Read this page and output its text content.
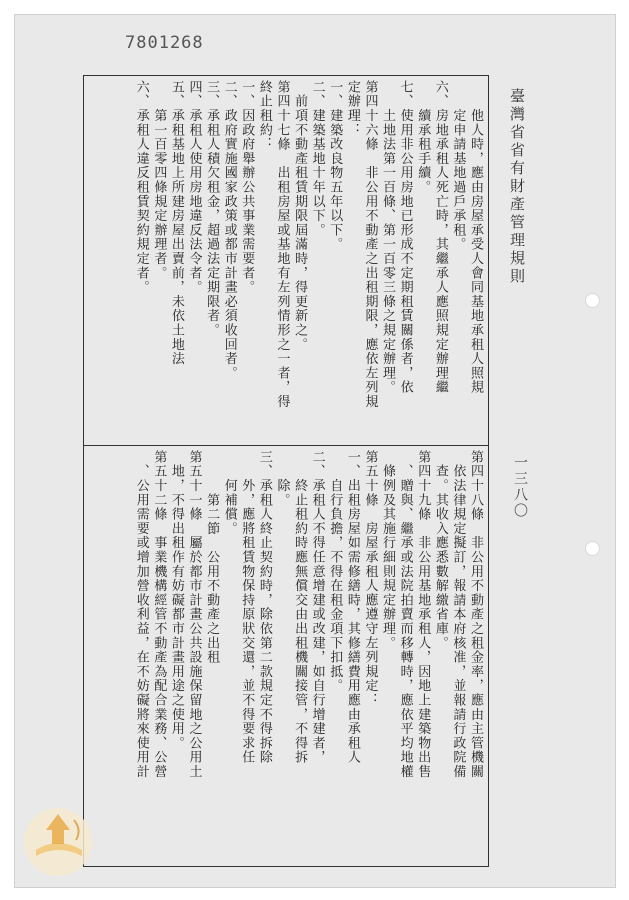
7801268
臺灣省省有財產管理規則
一三八〇
　　他人時，應由房屋承受人會同基地承租人照規
　　定申請基地過戶承租。
六、房地承租人死亡時，其繼承人應照規定辦理繼
　　續承租手續。
七、使用非公用房地已形成不定期租賃關係者，依
　　土地法第一百條、第一百零三條之規定辦理。
第四十六條　非公用不動產之出租期限，應依左列規
定辦理：
一、建築改良物五年以下。
二、建築基地十年以下。
　前項不動產租賃期限屆滿時，得更新之。
第四十七條　出租房屋或基地有左列情形之一者，得
終止租約：
一、因政府舉辦公共事業需要者。
二、政府實施國家政策或都市計畫必須收回者。
三、承租人積欠租金，超過法定期限者。
四、承租人使用房地違反法令者。
五、承租基地上所建房屋出賣前，未依土地法
　　第一百零四條規定辦理者。
六、承租人違反租賃契約規定者。
第四十八條　非公用不動產之租金率，應由主管機關
　依法律規定擬訂，報請本府核准，並報請行政院備
　查。其收入應悉數解繳省庫。
第四十九條　非公用基地承租人，因地上建築物出售
　、贈與、繼承或法院拍賣而移轉時，應依平均地權
　條例及其施行細則規定辦理。
第五十條　房屋承租人應遵守左列規定：
一、出租房屋如需修繕時，其修繕費用應由承租人
　　自行負擔，不得在租金項下扣抵。
二、承租人不得任意增建或改建，如自行增建者，
　　終止租約時應無償交由出租機關接管，不得拆
　　除。
三、承租人終止契約時，除依第二款規定不得拆除
　　外，應將租賃物保持原狀交還，並不得要求任
　　何補償。
　　　第二節　公用不動產之出租
第五十一條　屬於都市計畫公共設施保留地之公用土
　地，不得出租作有妨礙都市計畫用途之使用。
第五十二條　事業機構經管不動產為配合業務、公營
　、公用需要或增加營收利益，在不妨礙將來使用計
